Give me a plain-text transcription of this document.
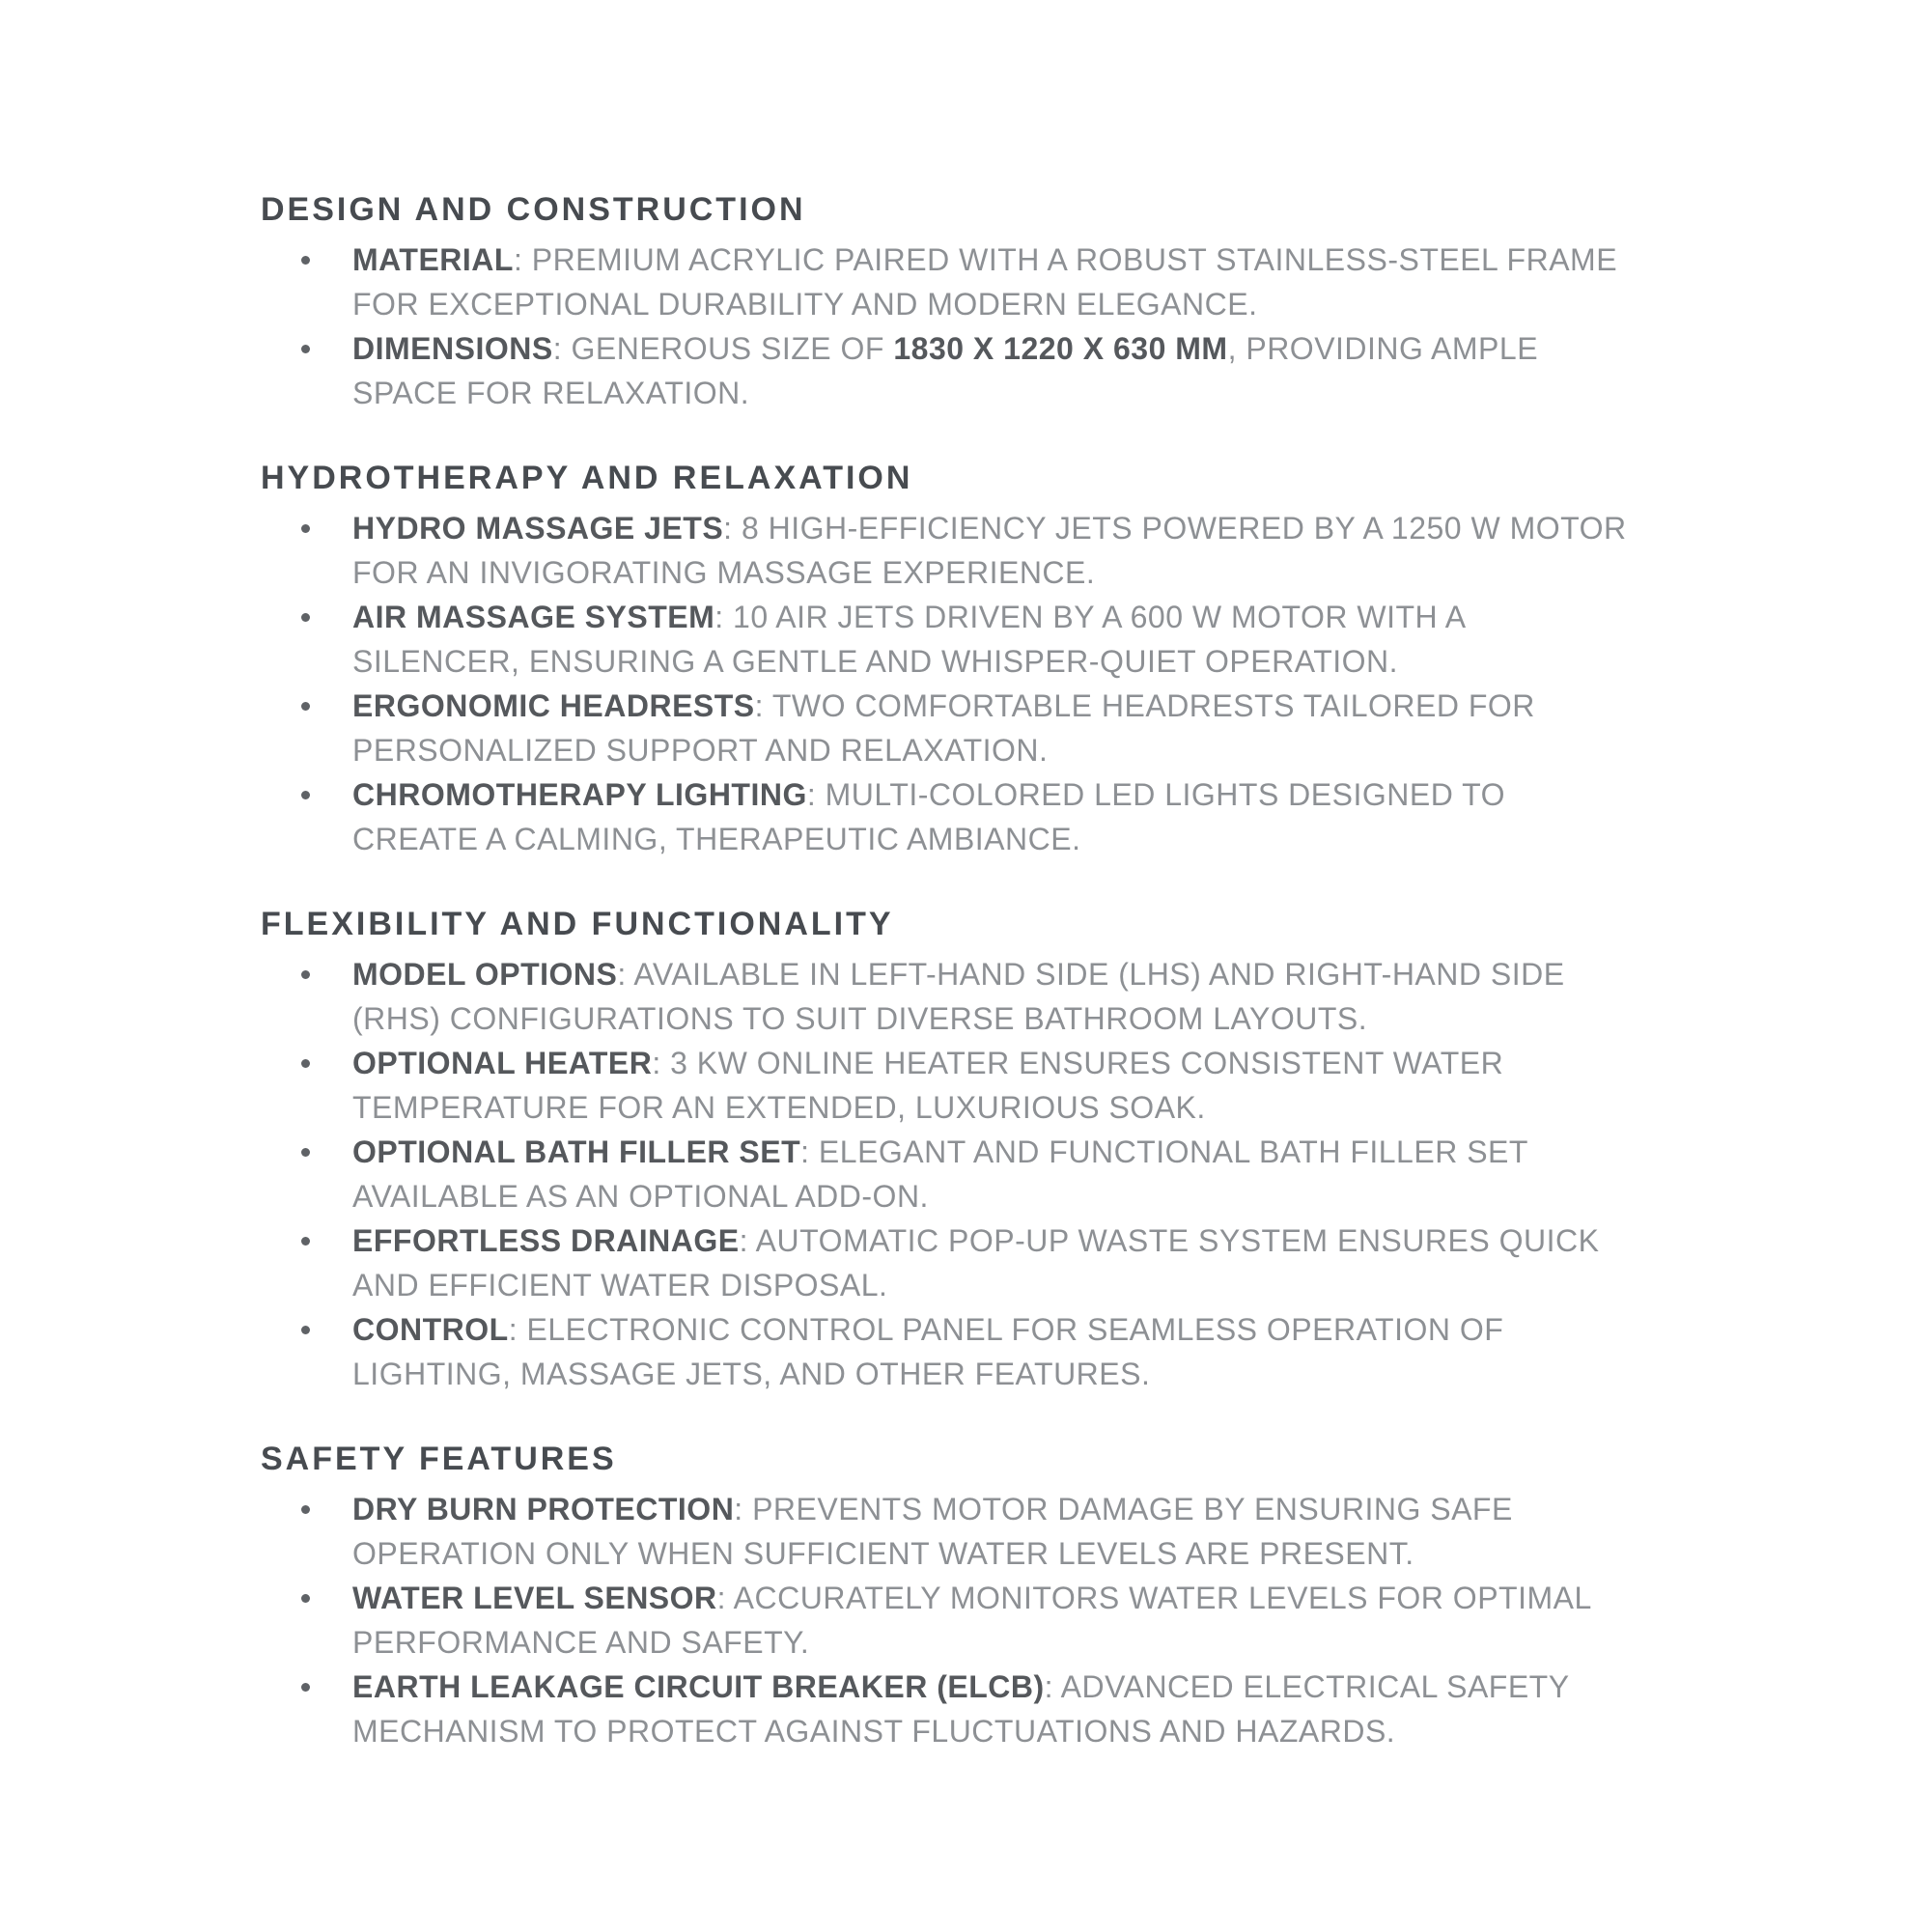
DESIGN AND CONSTRUCTION
MATERIAL: PREMIUM ACRYLIC PAIRED WITH A ROBUST STAINLESS-STEEL FRAME
FOR EXCEPTIONAL DURABILITY AND MODERN ELEGANCE.
DIMENSIONS: GENEROUS SIZE OF 1830 X 1220 X 630 MM, PROVIDING AMPLE
SPACE FOR RELAXATION.
HYDROTHERAPY AND RELAXATION
HYDRO MASSAGE JETS: 8 HIGH-EFFICIENCY JETS POWERED BY A 1250 W MOTOR
FOR AN INVIGORATING MASSAGE EXPERIENCE.
AIR MASSAGE SYSTEM: 10 AIR JETS DRIVEN BY A 600 W MOTOR WITH A
SILENCER, ENSURING A GENTLE AND WHISPER-QUIET OPERATION.
ERGONOMIC HEADRESTS: TWO COMFORTABLE HEADRESTS TAILORED FOR
PERSONALIZED SUPPORT AND RELAXATION.
CHROMOTHERAPY LIGHTING: MULTI-COLORED LED LIGHTS DESIGNED TO
CREATE A CALMING, THERAPEUTIC AMBIANCE.
FLEXIBILITY AND FUNCTIONALITY
MODEL OPTIONS: AVAILABLE IN LEFT-HAND SIDE (LHS) AND RIGHT-HAND SIDE
(RHS) CONFIGURATIONS TO SUIT DIVERSE BATHROOM LAYOUTS.
OPTIONAL HEATER: 3 KW ONLINE HEATER ENSURES CONSISTENT WATER
TEMPERATURE FOR AN EXTENDED, LUXURIOUS SOAK.
OPTIONAL BATH FILLER SET: ELEGANT AND FUNCTIONAL BATH FILLER SET
AVAILABLE AS AN OPTIONAL ADD-ON.
EFFORTLESS DRAINAGE: AUTOMATIC POP-UP WASTE SYSTEM ENSURES QUICK
AND EFFICIENT WATER DISPOSAL.
CONTROL: ELECTRONIC CONTROL PANEL FOR SEAMLESS OPERATION OF
LIGHTING, MASSAGE JETS, AND OTHER FEATURES.
SAFETY FEATURES
DRY BURN PROTECTION: PREVENTS MOTOR DAMAGE BY ENSURING SAFE
OPERATION ONLY WHEN SUFFICIENT WATER LEVELS ARE PRESENT.
WATER LEVEL SENSOR: ACCURATELY MONITORS WATER LEVELS FOR OPTIMAL
PERFORMANCE AND SAFETY.
EARTH LEAKAGE CIRCUIT BREAKER (ELCB): ADVANCED ELECTRICAL SAFETY
MECHANISM TO PROTECT AGAINST FLUCTUATIONS AND HAZARDS.
